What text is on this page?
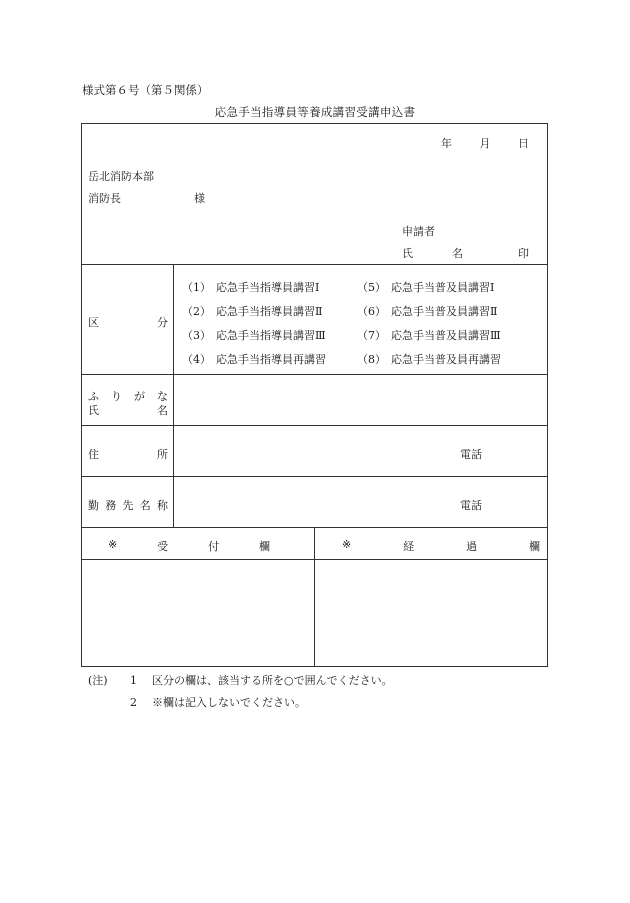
様式第６号（第５関係）
応急手当指導員等養成講習受講申込書
年	月	日
岳北消防本部
消防長	様
申請者
氏　名	印
区	分
（1） 応急手当指導員講習Ⅰ
（2） 応急手当指導員講習Ⅱ
（3） 応急手当指導員講習Ⅲ
（4） 応急手当指導員再講習
（5） 応急手当普及員講習Ⅰ
（6） 応急手当普及員講習Ⅱ
（7） 応急手当普及員講習Ⅲ
（8） 応急手当普及員再講習
ふ り が な
氏	名
住	所	電話
勤 務 先 名 称	電話
※	受	付	欄	※	経	過	欄
(注) 1 区分の欄は、該当する所を○で囲んでください。
2 ※欄は記入しないでください。
